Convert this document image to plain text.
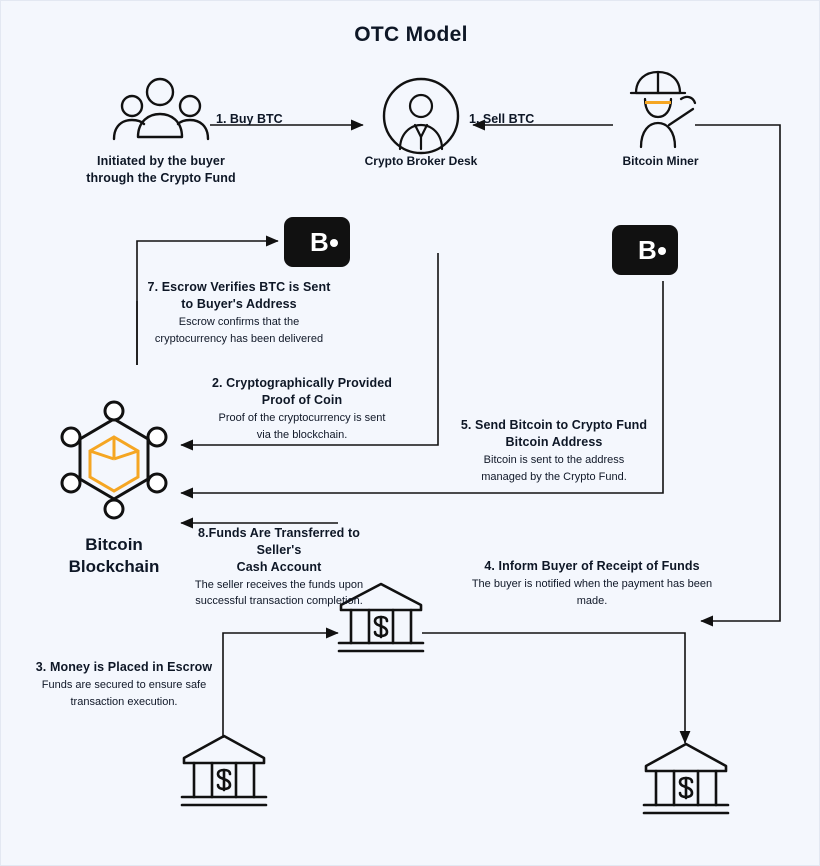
OTC Model
Initiated by the buyer
through the Crypto Fund
Crypto Broker Desk	Bitcoin Miner
B	B
Bitcoin
Blockchain
1. Buy BTC	1. Sell BTC
7. Escrow Verifies BTC is Sent
to Buyer's Address
Escrow confirms that the
cryptocurrency has been delivered
2. Cryptographically Provided
Proof of Coin
Proof of the cryptocurrency is sent
via the blockchain.
5. Send Bitcoin to Crypto Fund
Bitcoin Address
Bitcoin is sent to the address
managed by the Crypto Fund.
8.Funds Are Transferred to Seller's
Cash Account
The seller receives the funds upon
successful transaction completion.
4. Inform Buyer of Receipt of Funds
The buyer is notified when the payment has been
made.
3. Money is Placed in Escrow
Funds are secured to ensure safe
transaction execution.
